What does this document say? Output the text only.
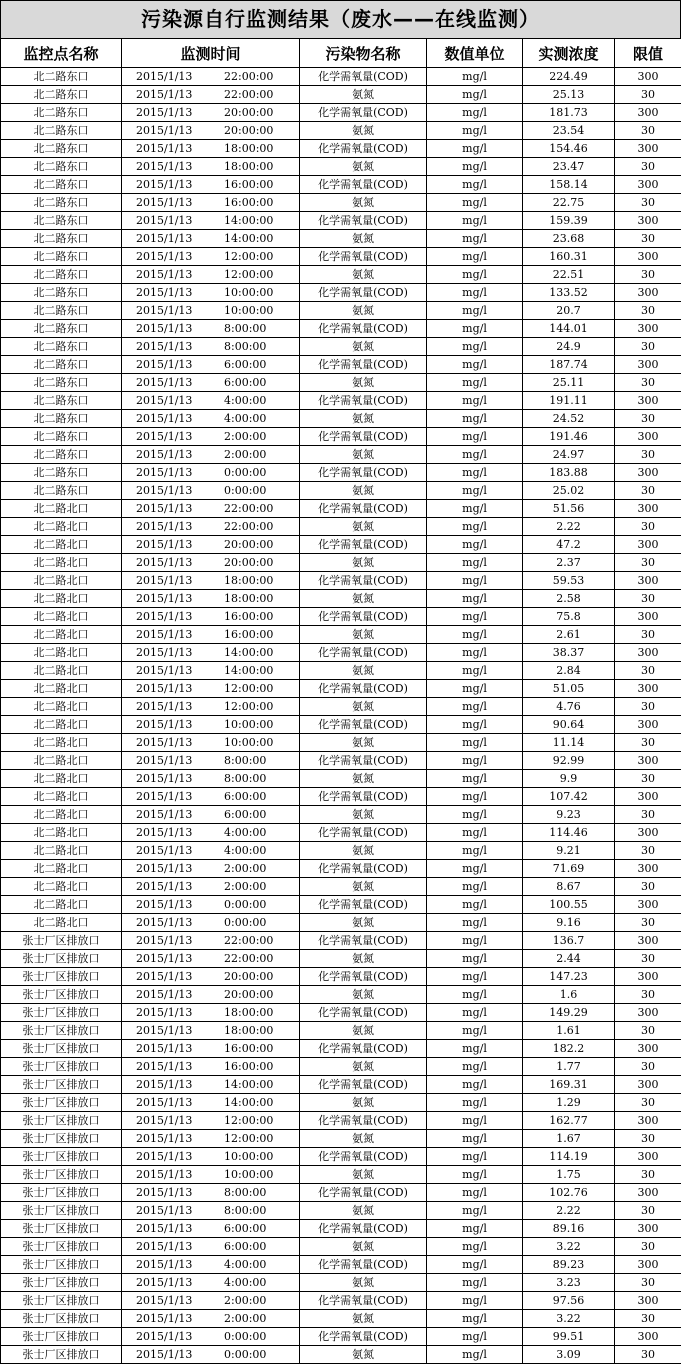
污染源自行监测结果（废水——在线监测）
监控点名称	监测时间	污染物名称	数值单位	实测浓度	限值
北二路东口	2015/1/13 22:00:00	化学需氧量(COD)	mg/l	224.49	300
北二路东口	2015/1/13 22:00:00	氨氮	mg/l	25.13	30
北二路东口	2015/1/13 20:00:00	化学需氧量(COD)	mg/l	181.73	300
北二路东口	2015/1/13 20:00:00	氨氮	mg/l	23.54	30
北二路东口	2015/1/13 18:00:00	化学需氧量(COD)	mg/l	154.46	300
北二路东口	2015/1/13 18:00:00	氨氮	mg/l	23.47	30
北二路东口	2015/1/13 16:00:00	化学需氧量(COD)	mg/l	158.14	300
北二路东口	2015/1/13 16:00:00	氨氮	mg/l	22.75	30
北二路东口	2015/1/13 14:00:00	化学需氧量(COD)	mg/l	159.39	300
北二路东口	2015/1/13 14:00:00	氨氮	mg/l	23.68	30
北二路东口	2015/1/13 12:00:00	化学需氧量(COD)	mg/l	160.31	300
北二路东口	2015/1/13 12:00:00	氨氮	mg/l	22.51	30
北二路东口	2015/1/13 10:00:00	化学需氧量(COD)	mg/l	133.52	300
北二路东口	2015/1/13 10:00:00	氨氮	mg/l	20.7	30
北二路东口	2015/1/13 8:00:00	化学需氧量(COD)	mg/l	144.01	300
北二路东口	2015/1/13 8:00:00	氨氮	mg/l	24.9	30
北二路东口	2015/1/13 6:00:00	化学需氧量(COD)	mg/l	187.74	300
北二路东口	2015/1/13 6:00:00	氨氮	mg/l	25.11	30
北二路东口	2015/1/13 4:00:00	化学需氧量(COD)	mg/l	191.11	300
北二路东口	2015/1/13 4:00:00	氨氮	mg/l	24.52	30
北二路东口	2015/1/13 2:00:00	化学需氧量(COD)	mg/l	191.46	300
北二路东口	2015/1/13 2:00:00	氨氮	mg/l	24.97	30
北二路东口	2015/1/13 0:00:00	化学需氧量(COD)	mg/l	183.88	300
北二路东口	2015/1/13 0:00:00	氨氮	mg/l	25.02	30
北二路北口	2015/1/13 22:00:00	化学需氧量(COD)	mg/l	51.56	300
北二路北口	2015/1/13 22:00:00	氨氮	mg/l	2.22	30
北二路北口	2015/1/13 20:00:00	化学需氧量(COD)	mg/l	47.2	300
北二路北口	2015/1/13 20:00:00	氨氮	mg/l	2.37	30
北二路北口	2015/1/13 18:00:00	化学需氧量(COD)	mg/l	59.53	300
北二路北口	2015/1/13 18:00:00	氨氮	mg/l	2.58	30
北二路北口	2015/1/13 16:00:00	化学需氧量(COD)	mg/l	75.8	300
北二路北口	2015/1/13 16:00:00	氨氮	mg/l	2.61	30
北二路北口	2015/1/13 14:00:00	化学需氧量(COD)	mg/l	38.37	300
北二路北口	2015/1/13 14:00:00	氨氮	mg/l	2.84	30
北二路北口	2015/1/13 12:00:00	化学需氧量(COD)	mg/l	51.05	300
北二路北口	2015/1/13 12:00:00	氨氮	mg/l	4.76	30
北二路北口	2015/1/13 10:00:00	化学需氧量(COD)	mg/l	90.64	300
北二路北口	2015/1/13 10:00:00	氨氮	mg/l	11.14	30
北二路北口	2015/1/13 8:00:00	化学需氧量(COD)	mg/l	92.99	300
北二路北口	2015/1/13 8:00:00	氨氮	mg/l	9.9	30
北二路北口	2015/1/13 6:00:00	化学需氧量(COD)	mg/l	107.42	300
北二路北口	2015/1/13 6:00:00	氨氮	mg/l	9.23	30
北二路北口	2015/1/13 4:00:00	化学需氧量(COD)	mg/l	114.46	300
北二路北口	2015/1/13 4:00:00	氨氮	mg/l	9.21	30
北二路北口	2015/1/13 2:00:00	化学需氧量(COD)	mg/l	71.69	300
北二路北口	2015/1/13 2:00:00	氨氮	mg/l	8.67	30
北二路北口	2015/1/13 0:00:00	化学需氧量(COD)	mg/l	100.55	300
北二路北口	2015/1/13 0:00:00	氨氮	mg/l	9.16	30
张士厂区排放口	2015/1/13 22:00:00	化学需氧量(COD)	mg/l	136.7	300
张士厂区排放口	2015/1/13 22:00:00	氨氮	mg/l	2.44	30
张士厂区排放口	2015/1/13 20:00:00	化学需氧量(COD)	mg/l	147.23	300
张士厂区排放口	2015/1/13 20:00:00	氨氮	mg/l	1.6	30
张士厂区排放口	2015/1/13 18:00:00	化学需氧量(COD)	mg/l	149.29	300
张士厂区排放口	2015/1/13 18:00:00	氨氮	mg/l	1.61	30
张士厂区排放口	2015/1/13 16:00:00	化学需氧量(COD)	mg/l	182.2	300
张士厂区排放口	2015/1/13 16:00:00	氨氮	mg/l	1.77	30
张士厂区排放口	2015/1/13 14:00:00	化学需氧量(COD)	mg/l	169.31	300
张士厂区排放口	2015/1/13 14:00:00	氨氮	mg/l	1.29	30
张士厂区排放口	2015/1/13 12:00:00	化学需氧量(COD)	mg/l	162.77	300
张士厂区排放口	2015/1/13 12:00:00	氨氮	mg/l	1.67	30
张士厂区排放口	2015/1/13 10:00:00	化学需氧量(COD)	mg/l	114.19	300
张士厂区排放口	2015/1/13 10:00:00	氨氮	mg/l	1.75	30
张士厂区排放口	2015/1/13 8:00:00	化学需氧量(COD)	mg/l	102.76	300
张士厂区排放口	2015/1/13 8:00:00	氨氮	mg/l	2.22	30
张士厂区排放口	2015/1/13 6:00:00	化学需氧量(COD)	mg/l	89.16	300
张士厂区排放口	2015/1/13 6:00:00	氨氮	mg/l	3.22	30
张士厂区排放口	2015/1/13 4:00:00	化学需氧量(COD)	mg/l	89.23	300
张士厂区排放口	2015/1/13 4:00:00	氨氮	mg/l	3.23	30
张士厂区排放口	2015/1/13 2:00:00	化学需氧量(COD)	mg/l	97.56	300
张士厂区排放口	2015/1/13 2:00:00	氨氮	mg/l	3.22	30
张士厂区排放口	2015/1/13 0:00:00	化学需氧量(COD)	mg/l	99.51	300
张士厂区排放口	2015/1/13 0:00:00	氨氮	mg/l	3.09	30
